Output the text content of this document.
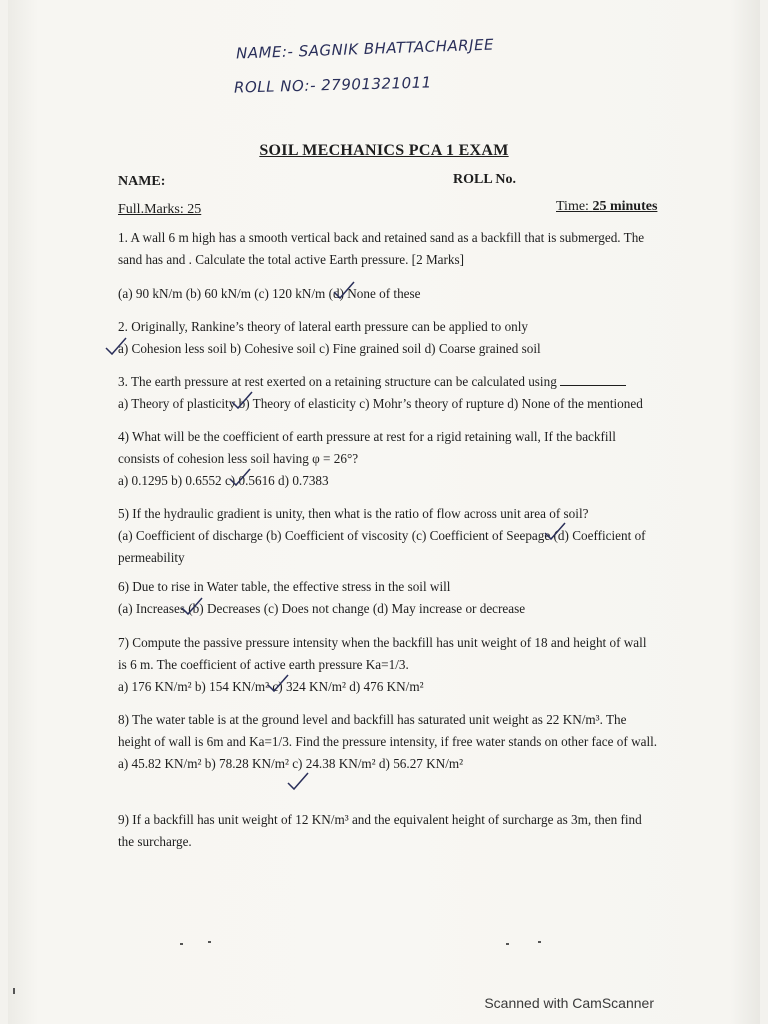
NAME:- SAGNIK BHATTACHARJEE
ROLL NO:- 27901321011
SOIL MECHANICS PCA 1 EXAM
NAME:	ROLL No.
Full.Marks: 25	Time: 25 minutes
1. A wall 6 m high has a smooth vertical back and retained sand as a backfill that is submerged. The sand has and . Calculate the total active Earth pressure. [2 Marks]
(a) 90 kN/m (b) 60 kN/m (c) 120 kN/m (d) None of these
2. Originally, Rankine’s theory of lateral earth pressure can be applied to only
a) Cohesion less soil b) Cohesive soil c) Fine grained soil d) Coarse grained soil
3. The earth pressure at rest exerted on a retaining structure can be calculated using
a) Theory of plasticity b) Theory of elasticity c) Mohr’s theory of rupture d) None of the mentioned
4) What will be the coefficient of earth pressure at rest for a rigid retaining wall, If the backfill consists of cohesion less soil having φ = 26°?
a) 0.1295 b) 0.6552 c) 0.5616 d) 0.7383
5) If the hydraulic gradient is unity, then what is the ratio of flow across unit area of soil?
(a) Coefficient of discharge (b) Coefficient of viscosity (c) Coefficient of Seepage (d) Coefficient of permeability
6) Due to rise in Water table, the effective stress in the soil will
(a) Increases (b) Decreases (c) Does not change (d) May increase or decrease
7) Compute the passive pressure intensity when the backfill has unit weight of 18 and height of wall is 6 m. The coefficient of active earth pressure Ka=1/3.
a) 176 KN/m² b) 154 KN/m² c) 324 KN/m² d) 476 KN/m²
8) The water table is at the ground level and backfill has saturated unit weight as 22 KN/m³. The height of wall is 6m and Ka=1/3. Find the pressure intensity, if free water stands on other face of wall.
a) 45.82 KN/m² b) 78.28 KN/m² c) 24.38 KN/m² d) 56.27 KN/m²
9) If a backfill has unit weight of 12 KN/m³ and the equivalent height of surcharge as 3m, then find the surcharge.
Scanned with CamScanner
